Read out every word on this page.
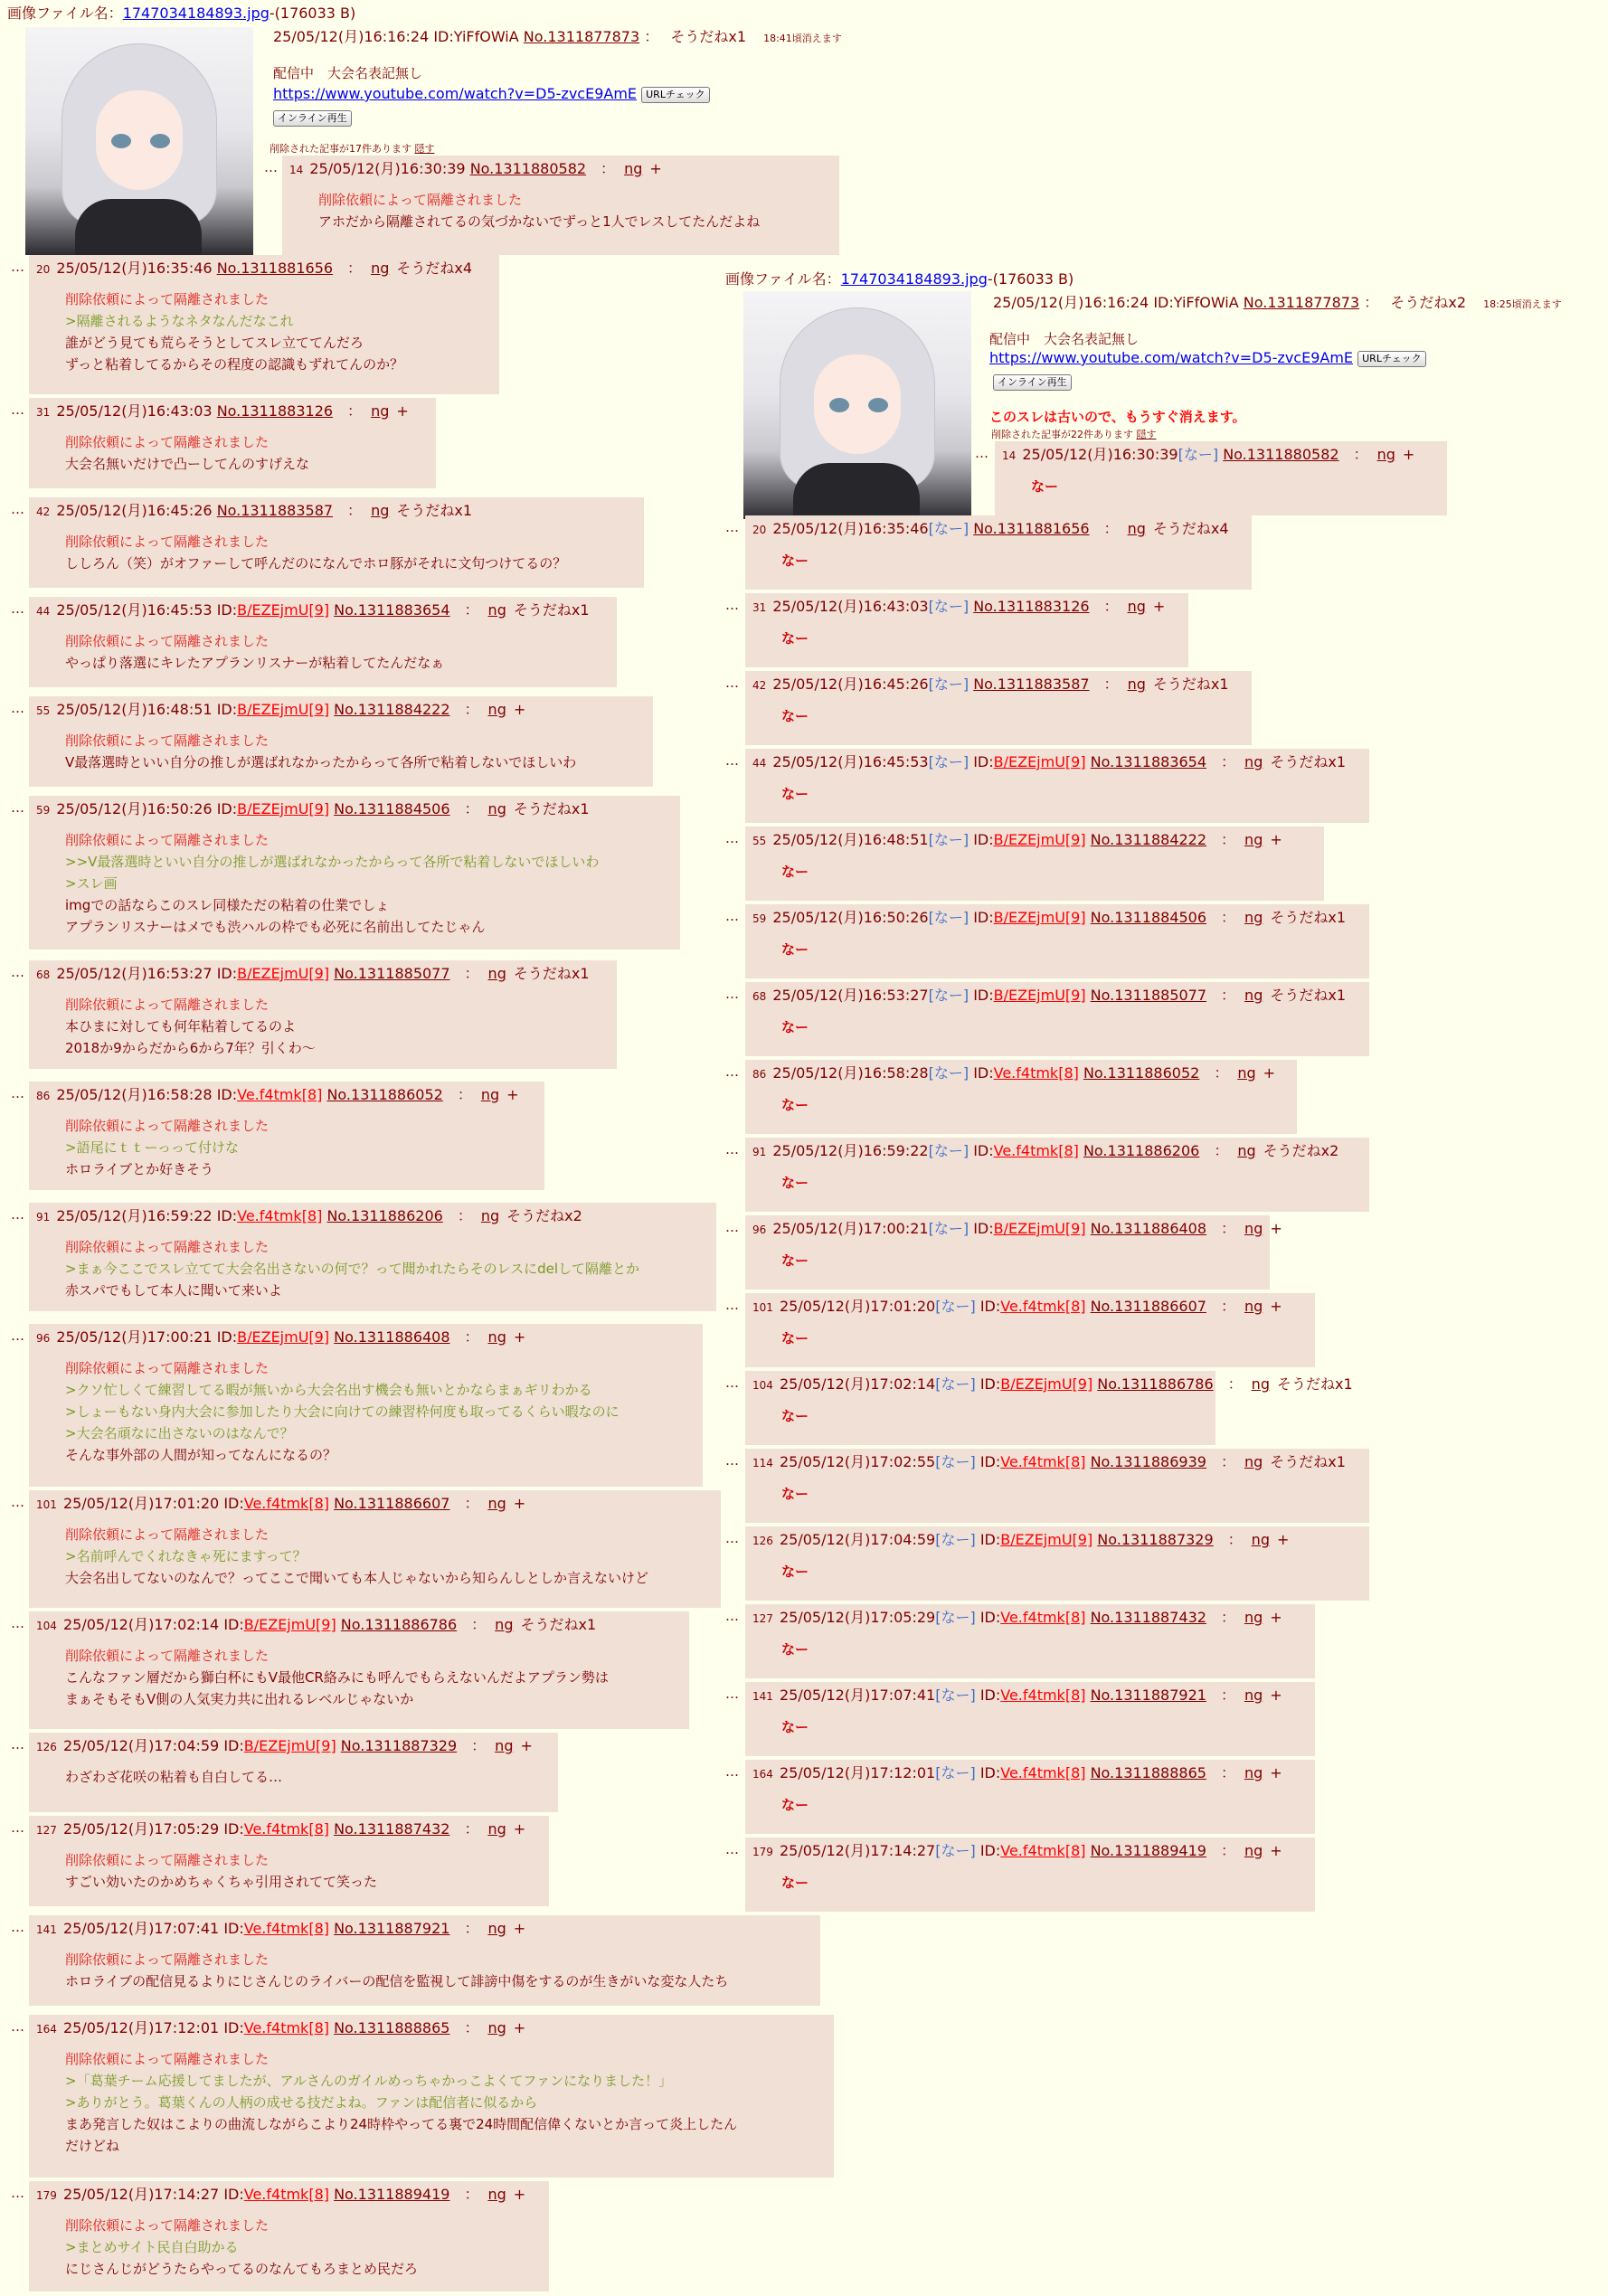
画像ファイル名：1747034184893.jpg-(176033 B)
25/05/12(月)16:16:24 ID:YiFfOWiA No.1311877873 ： そうだねx1 18:41頃消えます
配信中　大会名表記無し
https://www.youtube.com/watch?v=D5-zvcE9AmE URLチェック
インライン再生
削除された記事が17件あります 隠す
… 14 25/05/12(月)16:30:39 No.1311880582　： ng +
削除依頼によって隔離されました
アホだから隔離されてるの気づかないでずっと1人でレスしてたんだよね
… 20 25/05/12(月)16:35:46 No.1311881656　： ng そうだねx4
削除依頼によって隔離されました
>隔離されるようなネタなんだなこれ
誰がどう見ても荒らそうとしてスレ立ててんだろ
ずっと粘着してるからその程度の認識もずれてんのか？
… 31 25/05/12(月)16:43:03 No.1311883126　： ng +
削除依頼によって隔離されました
大会名無いだけで凸ーしてんのすげえな
… 42 25/05/12(月)16:45:26 No.1311883587　： ng そうだねx1
削除依頼によって隔離されました
ししろん（笑）がオファーして呼んだのになんでホロ豚がそれに文句つけてるの？
… 44 25/05/12(月)16:45:53 ID:B/EZEjmU[9] No.1311883654　： ng そうだねx1
削除依頼によって隔離されました
やっぱり落選にキレたアプランリスナーが粘着してたんだなぁ
… 55 25/05/12(月)16:48:51 ID:B/EZEjmU[9] No.1311884222　： ng +
削除依頼によって隔離されました
V最落選時といい自分の推しが選ばれなかったからって各所で粘着しないでほしいわ
… 59 25/05/12(月)16:50:26 ID:B/EZEjmU[9] No.1311884506　： ng そうだねx1
削除依頼によって隔離されました
>>V最落選時といい自分の推しが選ばれなかったからって各所で粘着しないでほしいわ
>スレ画
imgでの話ならこのスレ同様ただの粘着の仕業でしょ
アプランリスナーはメでも渋ハルの枠でも必死に名前出してたじゃん
… 68 25/05/12(月)16:53:27 ID:B/EZEjmU[9] No.1311885077　： ng そうだねx1
削除依頼によって隔離されました
本ひまに対しても何年粘着してるのよ
2018か9からだから6から7年？引くわ〜
… 86 25/05/12(月)16:58:28 ID:Ve.f4tmk[8] No.1311886052　： ng +
削除依頼によって隔離されました
>語尾にｔｔーっって付けな
ホロライブとか好きそう
… 91 25/05/12(月)16:59:22 ID:Ve.f4tmk[8] No.1311886206　： ng そうだねx2
削除依頼によって隔離されました
>まぁ今ここでスレ立てて大会名出さないの何で？って聞かれたらそのレスにdelして隔離とか
赤スパでもして本人に聞いて来いよ
… 96 25/05/12(月)17:00:21 ID:B/EZEjmU[9] No.1311886408　： ng +
削除依頼によって隔離されました
>クソ忙しくて練習してる暇が無いから大会名出す機会も無いとかならまぁギリわかる
>しょーもない身内大会に参加したり大会に向けての練習枠何度も取ってるくらい暇なのに
>大会名頑なに出さないのはなんで？
そんな事外部の人間が知ってなんになるの？
… 101 25/05/12(月)17:01:20 ID:Ve.f4tmk[8] No.1311886607　： ng +
削除依頼によって隔離されました
>名前呼んでくれなきゃ死にますって？
大会名出してないのなんで？ってここで聞いても本人じゃないから知らんしとしか言えないけど
… 104 25/05/12(月)17:02:14 ID:B/EZEjmU[9] No.1311886786　： ng そうだねx1
削除依頼によって隔離されました
こんなファン層だから獅白杯にもV最他CR絡みにも呼んでもらえないんだよアプラン勢は
まぁそもそもV側の人気実力共に出れるレベルじゃないか
… 126 25/05/12(月)17:04:59 ID:B/EZEjmU[9] No.1311887329　： ng +
わざわざ花咲の粘着も自白してる…
… 127 25/05/12(月)17:05:29 ID:Ve.f4tmk[8] No.1311887432　： ng +
削除依頼によって隔離されました
すごい効いたのかめちゃくちゃ引用されてて笑った
… 141 25/05/12(月)17:07:41 ID:Ve.f4tmk[8] No.1311887921　： ng +
削除依頼によって隔離されました
ホロライブの配信見るよりにじさんじのライバーの配信を監視して誹謗中傷をするのが生きがいな変な人たち
… 164 25/05/12(月)17:12:01 ID:Ve.f4tmk[8] No.1311888865　： ng +
削除依頼によって隔離されました
>「葛葉チーム応援してましたが、アルさんのガイルめっちゃかっこよくてファンになりました！」
>ありがとう。葛葉くんの人柄の成せる技だよね。ファンは配信者に似るから
まあ発言した奴はこよりの曲流しながらこより24時枠やってる裏で24時間配信偉くないとか言って炎上したん
だけどね
… 179 25/05/12(月)17:14:27 ID:Ve.f4tmk[8] No.1311889419　： ng +
削除依頼によって隔離されました
>まとめサイト民自白助かる
にじさんじがどうたらやってるのなんてもろまとめ民だろ
画像ファイル名：1747034184893.jpg-(176033 B)
25/05/12(月)16:16:24 ID:YiFfOWiA No.1311877873 ： そうだねx2 18:25頃消えます
配信中　大会名表記無し
https://www.youtube.com/watch?v=D5-zvcE9AmE URLチェック
インライン再生
このスレは古いので、もうすぐ消えます。
削除された記事が22件あります 隠す
… 14 25/05/12(月)16:30:39[なー] No.1311880582　： ng +
なー
… 20 25/05/12(月)16:35:46[なー] No.1311881656　： ng そうだねx4
なー
… 31 25/05/12(月)16:43:03[なー] No.1311883126　： ng +
なー
… 42 25/05/12(月)16:45:26[なー] No.1311883587　： ng そうだねx1
なー
… 44 25/05/12(月)16:45:53[なー] ID:B/EZEjmU[9] No.1311883654　： ng そうだねx1
なー
… 55 25/05/12(月)16:48:51[なー] ID:B/EZEjmU[9] No.1311884222　： ng +
なー
… 59 25/05/12(月)16:50:26[なー] ID:B/EZEjmU[9] No.1311884506　： ng そうだねx1
なー
… 68 25/05/12(月)16:53:27[なー] ID:B/EZEjmU[9] No.1311885077　： ng そうだねx1
なー
… 86 25/05/12(月)16:58:28[なー] ID:Ve.f4tmk[8] No.1311886052　： ng +
なー
… 91 25/05/12(月)16:59:22[なー] ID:Ve.f4tmk[8] No.1311886206　： ng そうだねx2
なー
… 96 25/05/12(月)17:00:21[なー] ID:B/EZEjmU[9] No.1311886408　： ng +
なー
… 101 25/05/12(月)17:01:20[なー] ID:Ve.f4tmk[8] No.1311886607　： ng +
なー
… 104 25/05/12(月)17:02:14[なー] ID:B/EZEjmU[9] No.1311886786　： ng そうだねx1
なー
… 114 25/05/12(月)17:02:55[なー] ID:Ve.f4tmk[8] No.1311886939　： ng そうだねx1
なー
… 126 25/05/12(月)17:04:59[なー] ID:B/EZEjmU[9] No.1311887329　： ng +
なー
… 127 25/05/12(月)17:05:29[なー] ID:Ve.f4tmk[8] No.1311887432　： ng +
なー
… 141 25/05/12(月)17:07:41[なー] ID:Ve.f4tmk[8] No.1311887921　： ng +
なー
… 164 25/05/12(月)17:12:01[なー] ID:Ve.f4tmk[8] No.1311888865　： ng +
なー
… 179 25/05/12(月)17:14:27[なー] ID:Ve.f4tmk[8] No.1311889419　： ng +
なー
